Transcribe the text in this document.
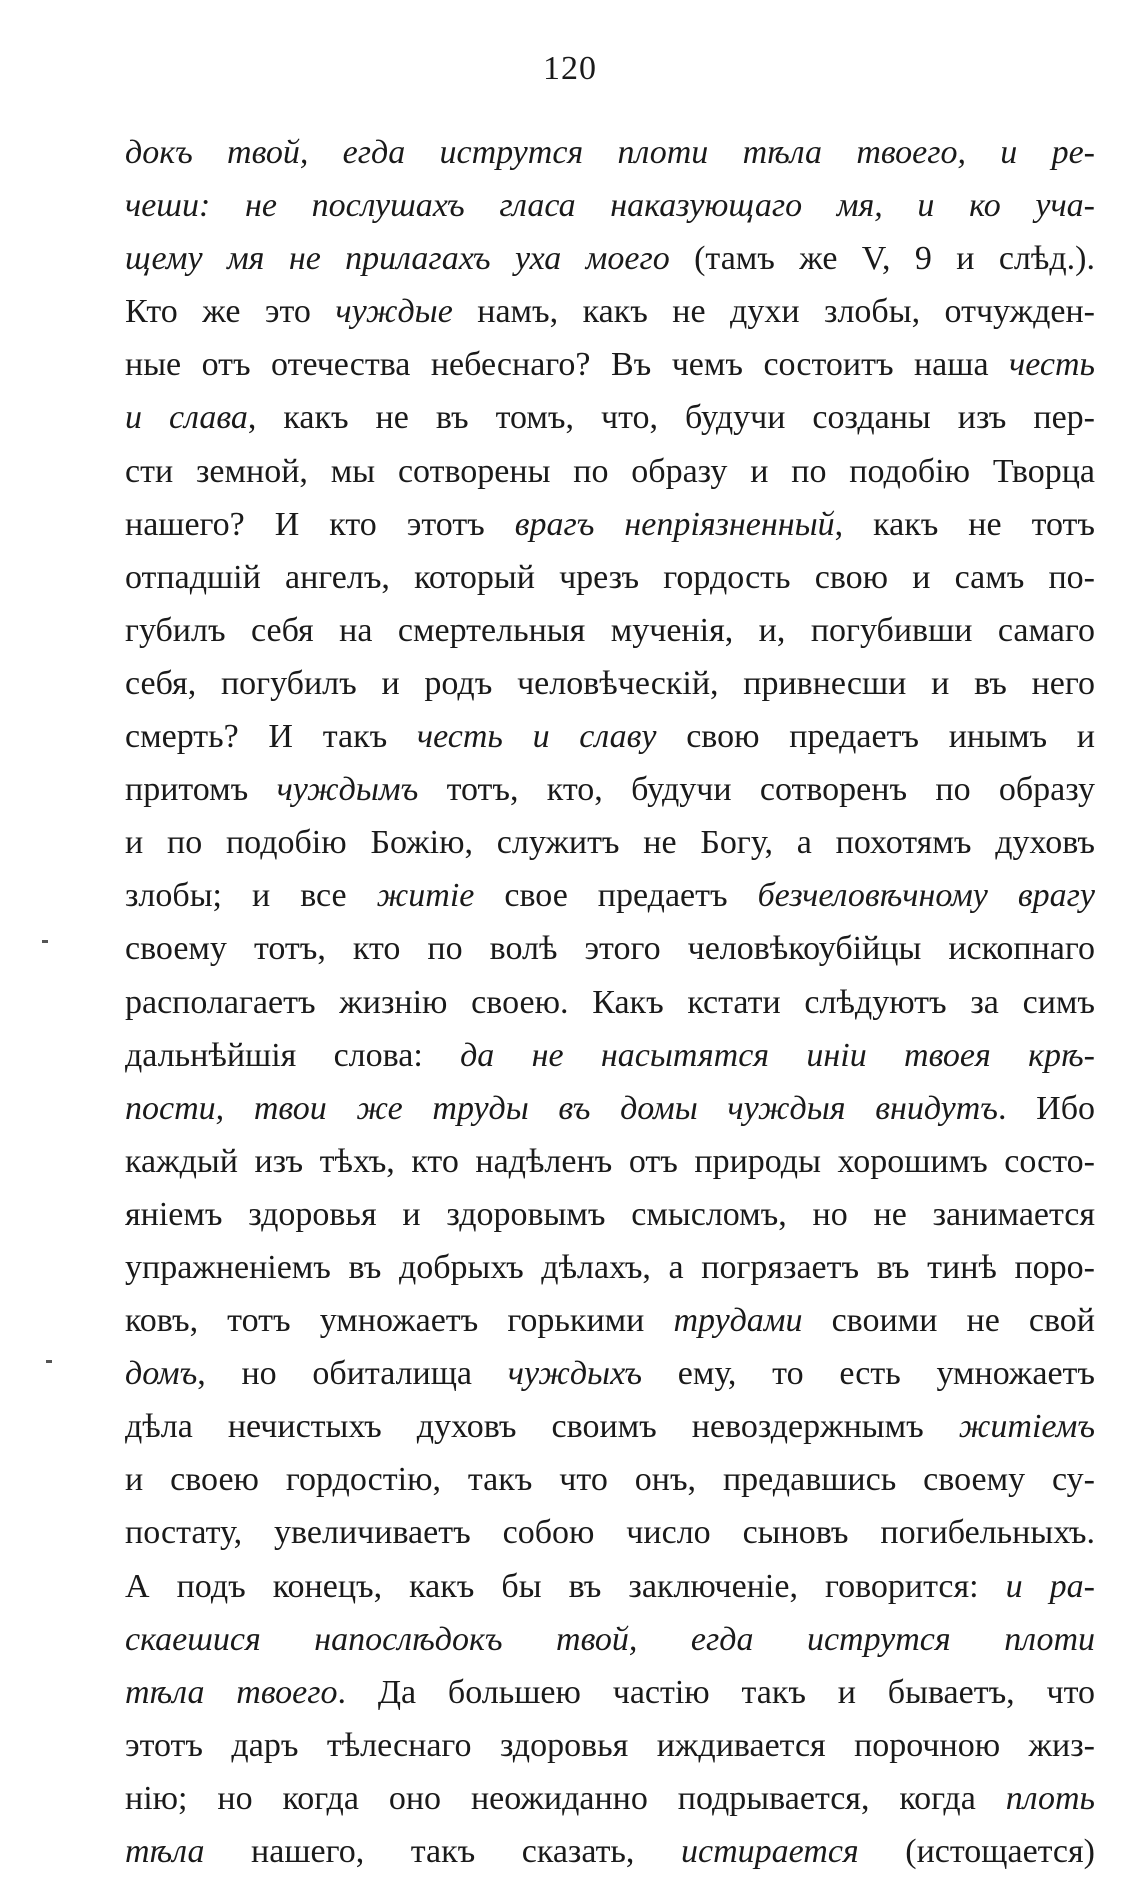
120
докъ твой, егда иструтся плоти тѣла твоего, и ре-
чеши: не послушахъ гласа наказующаго мя, и ко уча-
щему мя не прилагахъ уха моего (тамъ же V, 9 и слѣд.).
Кто же это чуждые намъ, какъ не духи злобы, отчужден-
ные отъ отечества небеснаго? Въ чемъ состоитъ наша честь
и слава, какъ не въ томъ, что, будучи созданы изъ пер-
сти земной, мы сотворены по образу и по подобію Творца
нашего? И кто этотъ врагъ непріязненный, какъ не тотъ
отпадшій ангелъ, который чрезъ гордость свою и самъ по-
губилъ себя на смертельныя мученія, и, погубивши самаго
себя, погубилъ и родъ человѣческій, привнесши и въ него
смерть? И такъ честь и славу свою предаетъ инымъ и
притомъ чуждымъ тотъ, кто, будучи сотворенъ по образу
и по подобію Божію, служитъ не Богу, а похотямъ духовъ
злобы; и все житіе свое предаетъ безчеловѣчному врагу
своему тотъ, кто по волѣ этого человѣкоубійцы ископнаго
располагаетъ жизнію своею. Какъ кстати слѣдуютъ за симъ
дальнѣйшія слова: да не насытятся иніи твоея крѣ-
пости, твои же труды въ домы чуждыя внидутъ. Ибо
каждый изъ тѣхъ, кто надѣленъ отъ природы хорошимъ состо-
яніемъ здоровья и здоровымъ смысломъ, но не занимается
упражненіемъ въ добрыхъ дѣлахъ, а погрязаетъ въ тинѣ поро-
ковъ, тотъ умножаетъ горькими трудами своими не свой
домъ, но обиталища чуждыхъ ему, то есть умножаетъ
дѣла нечистыхъ духовъ своимъ невоздержнымъ житіемъ
и своею гордостію, такъ что онъ, предавшись своему су-
постату, увеличиваетъ собою число сыновъ погибельныхъ.
А подъ конецъ, какъ бы въ заключеніе, говорится: и ра-
скаешися напослѣдокъ твой, егда иструтся плоти
тѣла твоего. Да большею частію такъ и бываетъ, что
этотъ даръ тѣлеснаго здоровья иждивается порочною жиз-
нію; но когда оно неожиданно подрывается, когда плоть
тѣла нашего, такъ сказать, истирается (истощается)
